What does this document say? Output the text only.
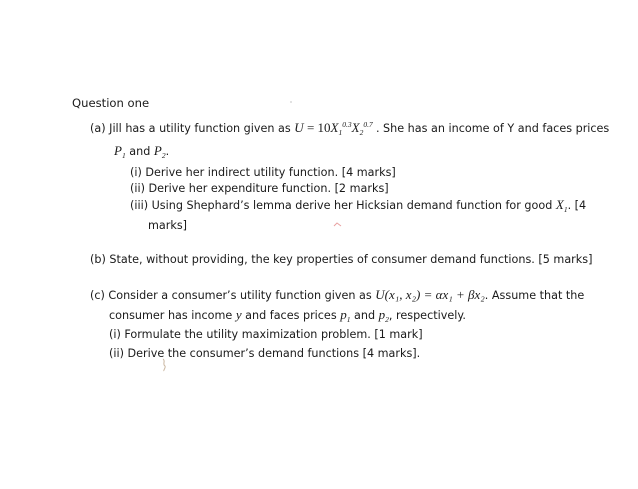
Question one
(a) Jill has a utility function given as $U = 10X_1^{0.3}X_2^{0.7}$ . She has an income of Y and faces prices
$P_1$ and $P_2$.
(i) Derive her indirect utility function. [4 marks]
(ii) Derive her expenditure function. [2 marks]
(iii) Using Shephard’s lemma derive her Hicksian demand function for good $X_1$. [4
marks]
(b) State, without providing, the key properties of consumer demand functions. [5 marks]
(c) Consider a consumer’s utility function given as U(x₁, x₂) = αx₁ + βx₂. Assume that the
consumer has income y and faces prices $p_1$ and $p_2$, respectively.
(i) Formulate the utility maximization problem. [1 mark]
(ii) Derive the consumer’s demand functions [4 marks].
